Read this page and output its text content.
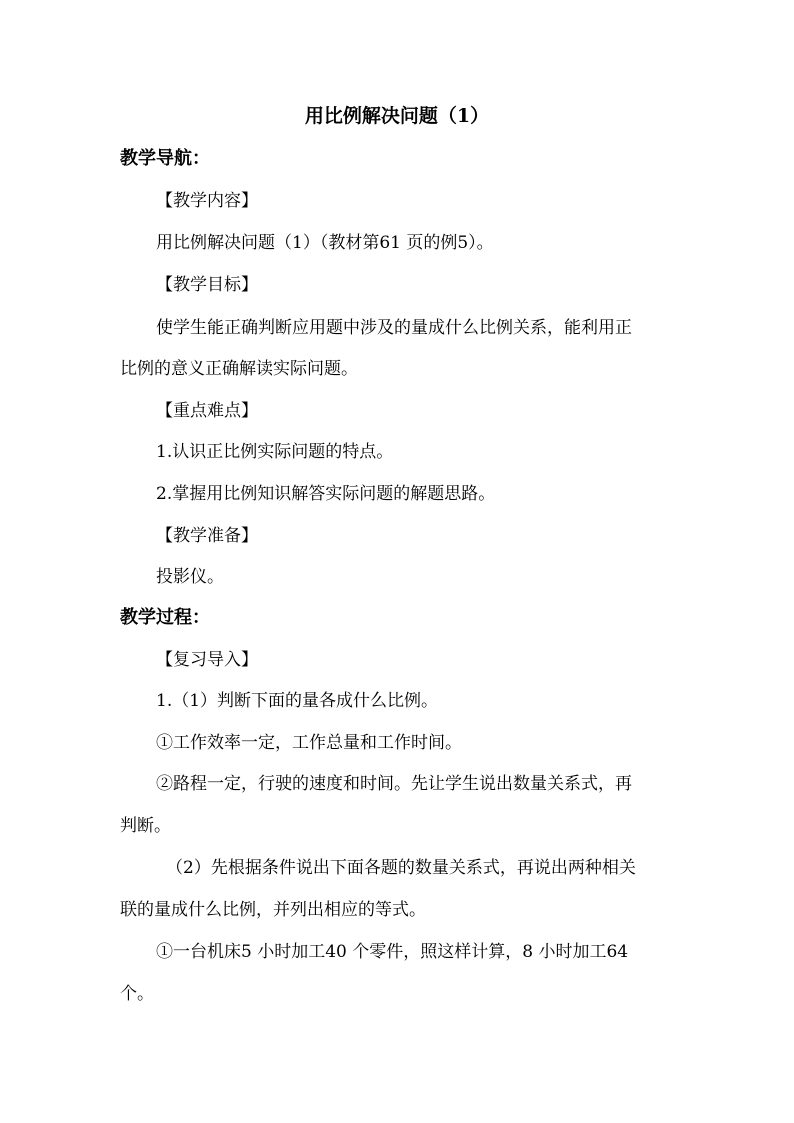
用比例解决问题（1）
教学导航：
【教学内容】
用比例解决问题（1）（教材第61 页的例5）。
【教学目标】
使学生能正确判断应用题中涉及的量成什么比例关系，能利用正
比例的意义正确解读实际问题。
【重点难点】
1.认识正比例实际问题的特点。
2.掌握用比例知识解答实际问题的解题思路。
【教学准备】
投影仪。
教学过程：
【复习导入】
1.（1）判断下面的量各成什么比例。
①工作效率一定，工作总量和工作时间。
②路程一定，行驶的速度和时间。先让学生说出数量关系式，再
判断。
（2）先根据条件说出下面各题的数量关系式，再说出两种相关
联的量成什么比例，并列出相应的等式。
①一台机床5 小时加工40 个零件，照这样计算，8 小时加工64
个。
